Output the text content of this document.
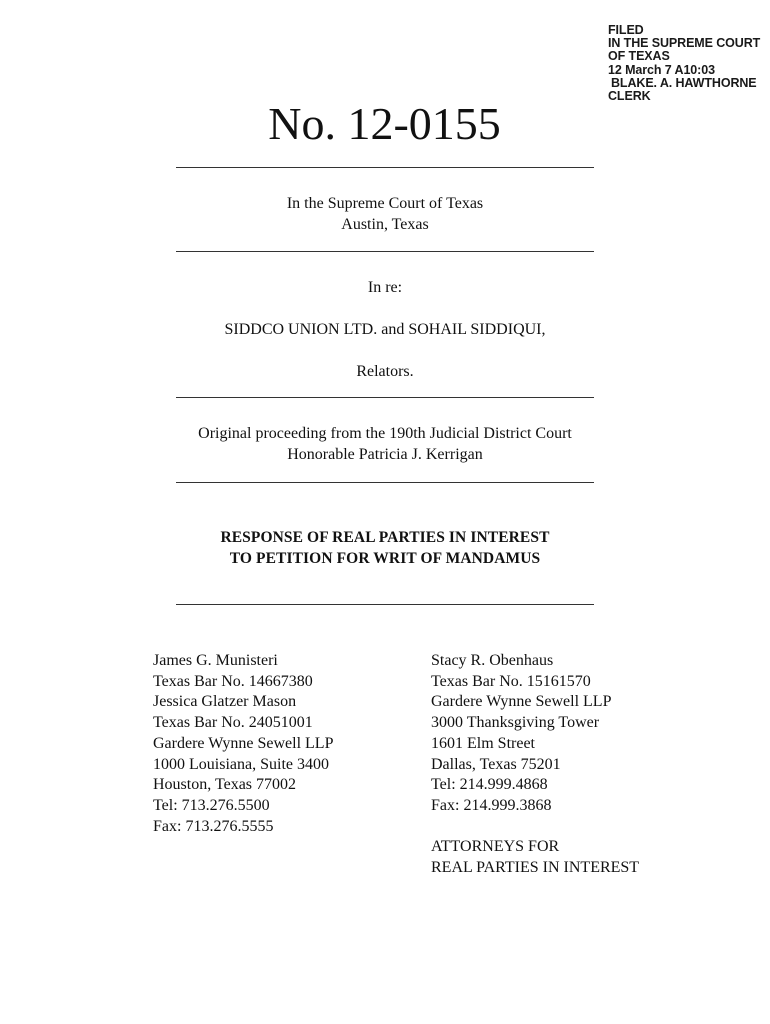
FILED
IN THE SUPREME COURT
OF TEXAS
12 March 7 A10:03
BLAKE. A. HAWTHORNE
CLERK
No. 12-0155
In the Supreme Court of Texas
Austin, Texas
In re:
SIDDCO UNION LTD. and SOHAIL SIDDIQUI,
Relators.
Original proceeding from the 190th Judicial District Court
Honorable Patricia J. Kerrigan
RESPONSE OF REAL PARTIES IN INTEREST
TO PETITION FOR WRIT OF MANDAMUS
James G. Munisteri
Texas Bar No. 14667380
Jessica Glatzer Mason
Texas Bar No. 24051001
Gardere Wynne Sewell LLP
1000 Louisiana, Suite 3400
Houston, Texas 77002
Tel: 713.276.5500
Fax: 713.276.5555
Stacy R. Obenhaus
Texas Bar No. 15161570
Gardere Wynne Sewell LLP
3000 Thanksgiving Tower
1601 Elm Street
Dallas, Texas 75201
Tel: 214.999.4868
Fax: 214.999.3868
ATTORNEYS FOR
REAL PARTIES IN INTEREST
